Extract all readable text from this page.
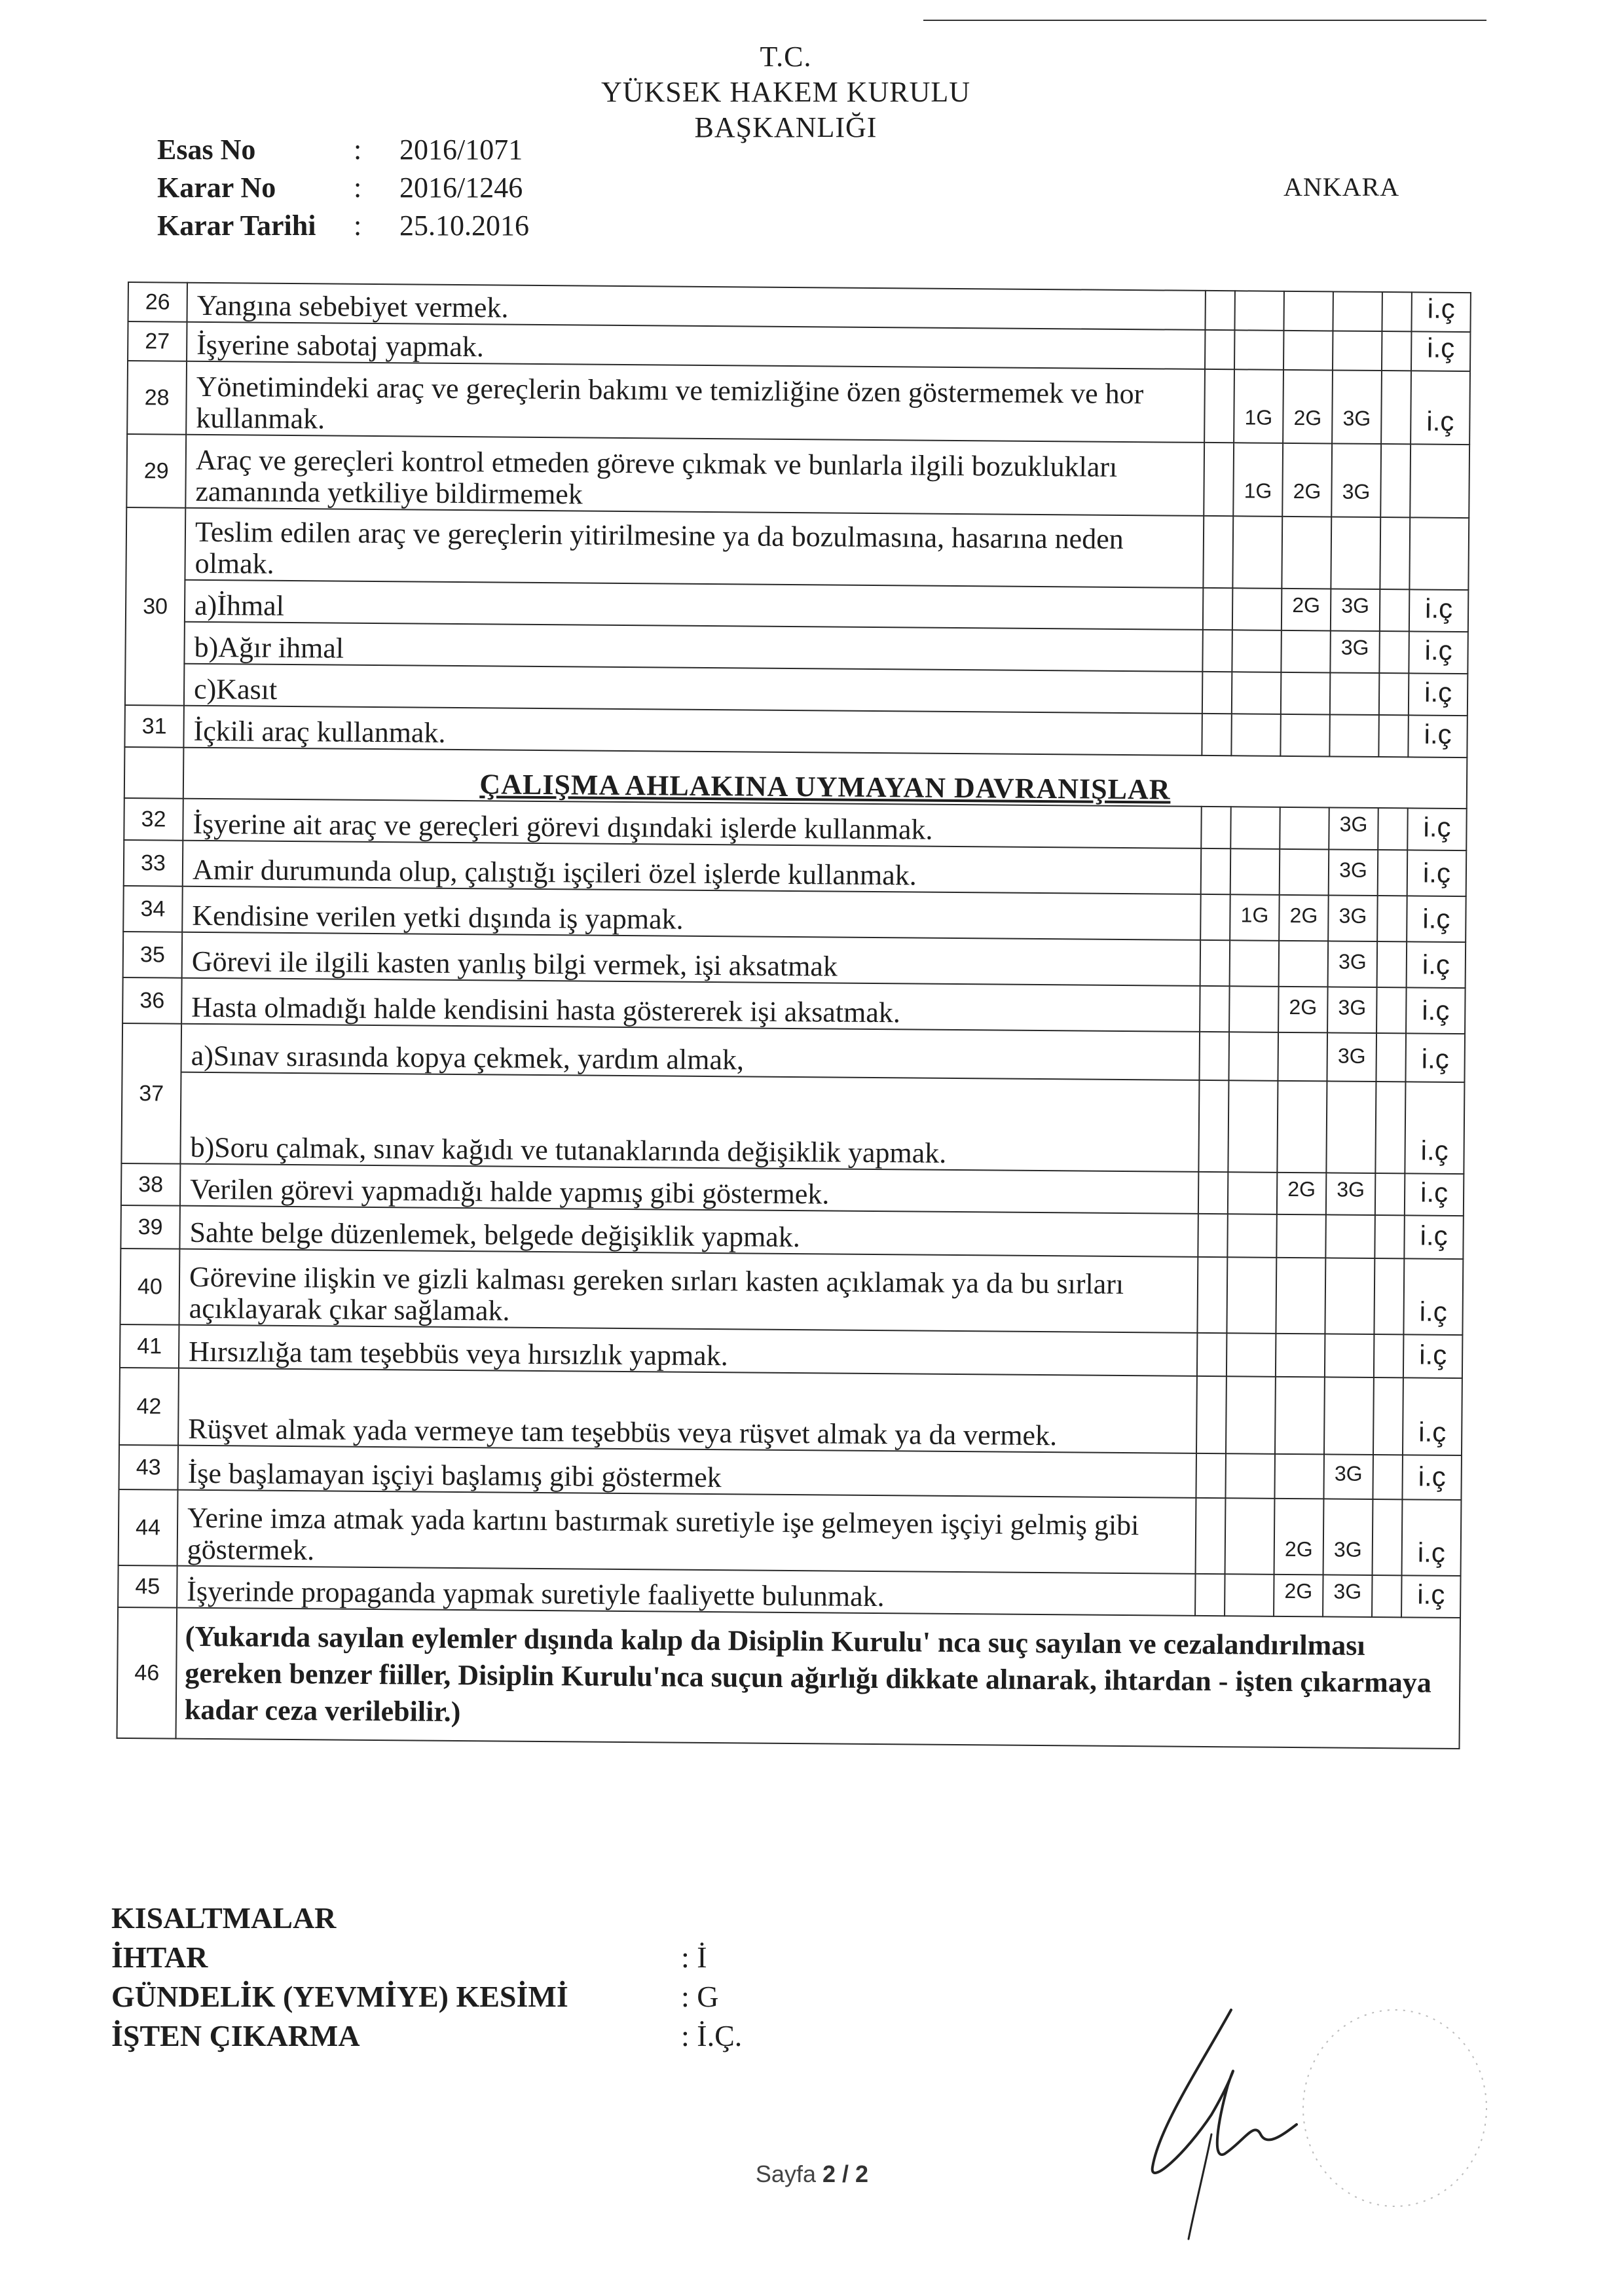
T.C.
YÜKSEK HAKEM KURULU
BAŞKANLIĞI
Esas No	:	2016/1071
Karar No	:	2016/1246
Karar Tarihi	:	25.10.2016
ANKARA
26	Yangına sebebiyet vermek.						i.ç
27	İşyerine sabotaj yapmak.						i.ç
28	Yönetimindeki araç ve gereçlerin bakımı ve temizliğine özen göstermemek ve hor kullanmak.		1G	2G	3G		i.ç
29	Araç ve gereçleri kontrol etmeden göreve çıkmak ve bunlarla ilgili bozuklukları zamanında yetkiliye bildirmemek		1G	2G	3G		
30	Teslim edilen araç ve gereçlerin yitirilmesine ya da bozulmasına, hasarına neden olmak.						
	a)İhmal			2G	3G		i.ç
	b)Ağır ihmal				3G		i.ç
	c)Kasıt						i.ç
31	İçkili araç kullanmak.						i.ç
	ÇALIŞMA AHLAKINA UYMAYAN DAVRANIŞLAR						
32	İşyerine ait araç ve gereçleri görevi dışındaki işlerde kullanmak.				3G		i.ç
33	Amir durumunda olup, çalıştığı işçileri özel işlerde kullanmak.				3G		i.ç
34	Kendisine verilen yetki dışında iş yapmak.		1G	2G	3G		i.ç
35	Görevi ile ilgili kasten yanlış bilgi vermek, işi aksatmak				3G		i.ç
36	Hasta olmadığı halde kendisini hasta göstererek işi aksatmak.			2G	3G		i.ç
37	a)Sınav sırasında kopya çekmek, yardım almak,				3G		i.ç
	b)Soru çalmak, sınav kağıdı ve tutanaklarında değişiklik yapmak.						i.ç
38	Verilen görevi yapmadığı halde yapmış gibi göstermek.			2G	3G		i.ç
39	Sahte belge düzenlemek, belgede değişiklik yapmak.						i.ç
40	Görevine ilişkin ve gizli kalması gereken sırları kasten açıklamak ya da bu sırları açıklayarak çıkar sağlamak.						i.ç
41	Hırsızlığa tam teşebbüs veya hırsızlık yapmak.						i.ç
42	Rüşvet almak yada vermeye tam teşebbüs veya rüşvet almak ya da vermek.						i.ç
43	İşe başlamayan işçiyi başlamış gibi göstermek				3G		i.ç
44	Yerine imza atmak yada kartını bastırmak suretiyle işe gelmeyen işçiyi gelmiş gibi göstermek.			2G	3G		i.ç
45	İşyerinde propaganda yapmak suretiyle faaliyette bulunmak.			2G	3G		i.ç
46	(Yukarıda sayılan eylemler dışında kalıp da Disiplin Kurulu' nca suç sayılan ve cezalandırılması gereken benzer fiiller, Disiplin Kurulu'nca suçun ağırlığı dikkate alınarak, ihtardan - işten çıkarmaya kadar ceza verilebilir.)						
KISALTMALAR
İHTAR	: İ
GÜNDELİK (YEVMİYE) KESİMİ	: G
İŞTEN ÇIKARMA	: İ.Ç.
Sayfa 2 / 2
